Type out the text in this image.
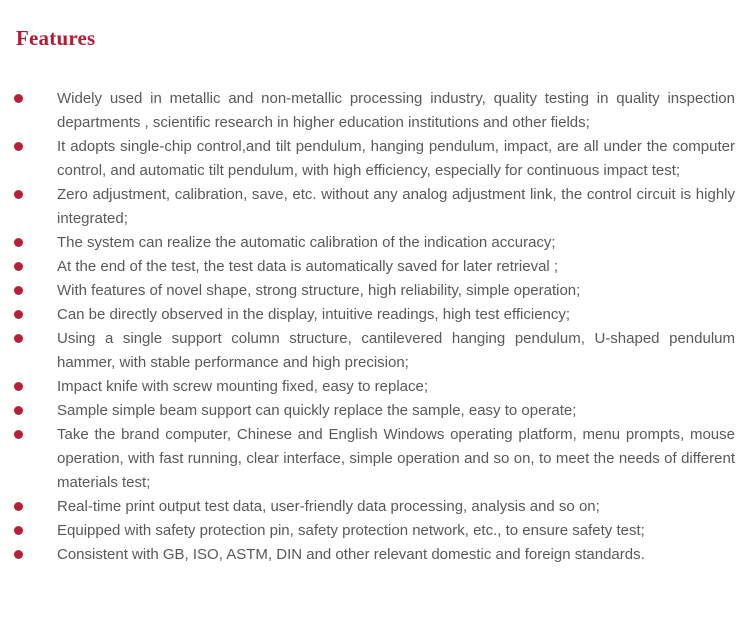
Features
Widely used in metallic and non-metallic processing industry, quality testing in quality inspection departments , scientific research in higher education institutions and other fields;
It adopts single-chip control,and tilt pendulum, hanging pendulum, impact, are all under the computer control, and automatic tilt pendulum, with high efficiency, especially for continuous impact test;
Zero adjustment, calibration, save, etc. without any analog adjustment link, the control circuit is highly integrated;
The system can realize the automatic calibration of the indication accuracy;
At the end of the test, the test data is automatically saved for later retrieval ;
With features of novel shape, strong structure, high reliability, simple operation;
Can be directly observed in the display, intuitive readings, high test efficiency;
Using a single support column structure, cantilevered hanging pendulum, U-shaped pendulum hammer, with stable performance and high precision;
Impact knife with screw mounting fixed, easy to replace;
Sample simple beam support can quickly replace the sample, easy to operate;
Take the brand computer, Chinese and English Windows operating platform, menu prompts, mouse operation, with fast running, clear interface, simple operation and so on, to meet the needs of different materials test;
Real-time print output test data, user-friendly data processing, analysis and so on;
Equipped with safety protection pin, safety protection network, etc., to ensure safety test;
Consistent with GB, ISO, ASTM, DIN and other relevant domestic and foreign standards.
